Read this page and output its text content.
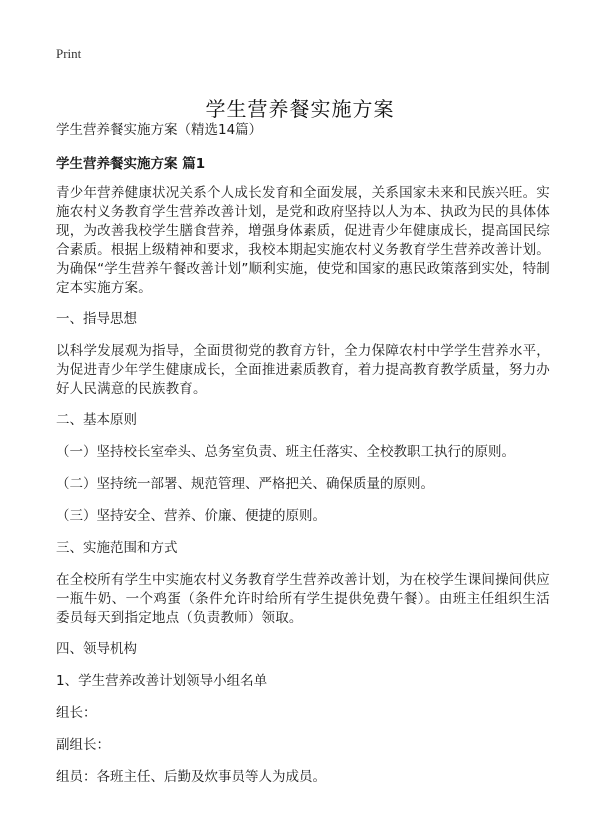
Print
学生营养餐实施方案

学生营养餐实施方案（精选14篇）

学生营养餐实施方案 篇1

青少年营养健康状况关系个人成长发育和全面发展，关系国家未来和民族兴旺。实施农村义务教育学生营养改善计划，是党和政府坚持以人为本、执政为民的具体体现，为改善我校学生膳食营养，增强身体素质，促进青少年健康成长，提高国民综合素质。根据上级精神和要求，我校本期起实施农村义务教育学生营养改善计划。为确保“学生营养午餐改善计划”顺利实施，使党和国家的惠民政策落到实处，特制定本实施方案。

一、指导思想

以科学发展观为指导，全面贯彻党的教育方针，全力保障农村中学学生营养水平，为促进青少年学生健康成长，全面推进素质教育，着力提高教育教学质量，努力办好人民满意的民族教育。

二、基本原则

（一）坚持校长室牵头、总务室负责、班主任落实、全校教职工执行的原则。

（二）坚持统一部署、规范管理、严格把关、确保质量的原则。

（三）坚持安全、营养、价廉、便捷的原则。

三、实施范围和方式

在全校所有学生中实施农村义务教育学生营养改善计划，为在校学生课间操间供应一瓶牛奶、一个鸡蛋（条件允许时给所有学生提供免费午餐）。由班主任组织生活委员每天到指定地点（负责教师）领取。

四、领导机构

1、学生营养改善计划领导小组名单

组长：

副组长：

组员：各班主任、后勤及炊事员等人为成员。
